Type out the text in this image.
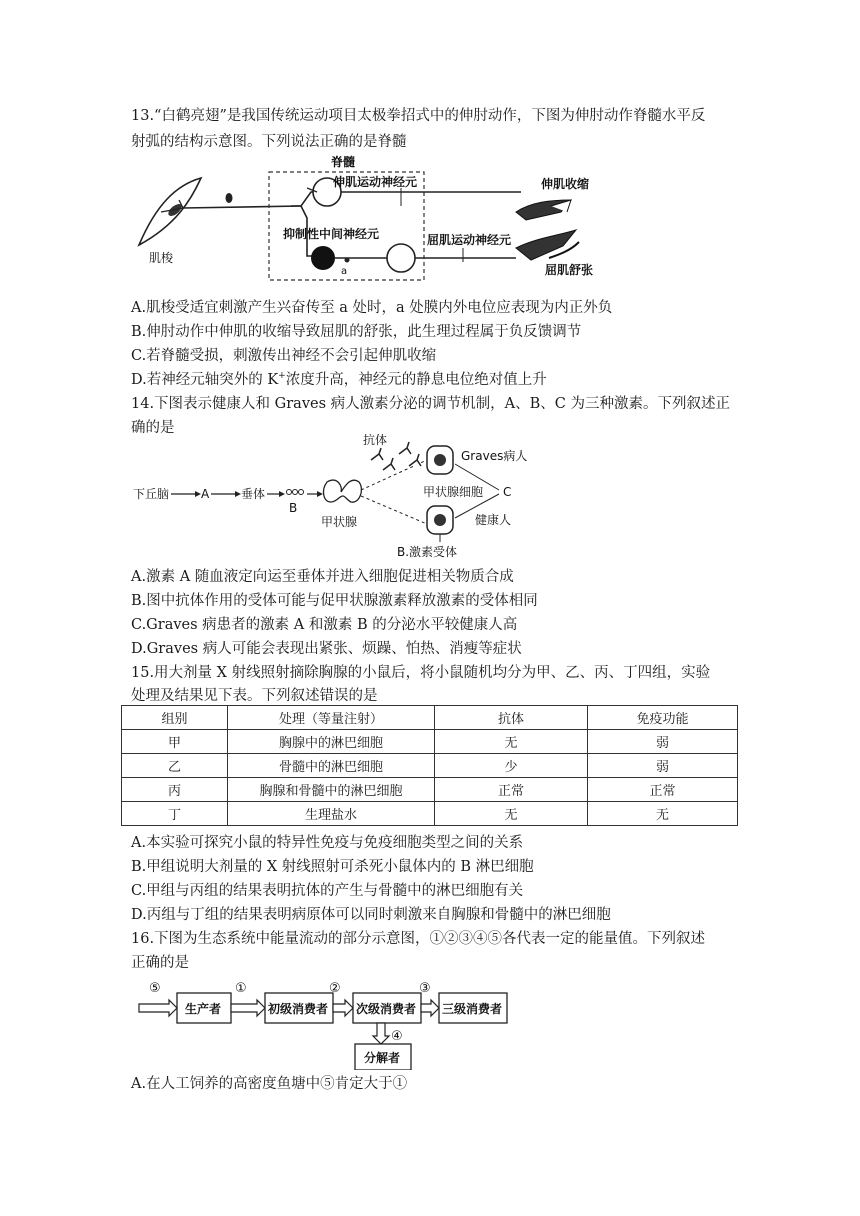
13.“白鹤亮翅”是我国传统运动项目太极拳招式中的伸肘动作，下图为伸肘动作脊髓水平反
射弧的结构示意图。下列说法正确的是脊髓
肌梭
脊髓
伸肌运动神经元
抑制性中间神经元
a
屈肌运动神经元
伸肌收缩
屈肌舒张
A.肌梭受适宜刺激产生兴奋传至 a 处时，a 处膜内外电位应表现为内正外负
B.伸肘动作中伸肌的收缩导致屈肌的舒张，此生理过程属于负反馈调节
C.若脊髓受损，刺激传出神经不会引起伸肌收缩
D.若神经元轴突外的 K+浓度升高，神经元的静息电位绝对值上升
14.下图表示健康人和 Graves 病人激素分泌的调节机制，A、B、C 为三种激素。下列叙述正
确的是
下丘脑	A	垂体
B
甲状腺
抗体
Graves病人
甲状腺细胞 C
健康人
B.激素受体
A.激素 A 随血液定向运至垂体并进入细胞促进相关物质合成
B.图中抗体作用的受体可能与促甲状腺激素释放激素的受体相同
C.Graves 病患者的激素 A 和激素 B 的分泌水平较健康人高
D.Graves 病人可能会表现出紧张、烦躁、怕热、消瘦等症状
15.用大剂量 X 射线照射摘除胸腺的小鼠后，将小鼠随机均分为甲、乙、丙、丁四组，实验
处理及结果见下表。下列叙述错误的是
组别	处理（等量注射）	抗体	免疫功能
甲	胸腺中的淋巴细胞	无	弱
乙	骨髓中的淋巴细胞	少	弱
丙	胸腺和骨髓中的淋巴细胞	正常	正常
丁	生理盐水	无	无
A.本实验可探究小鼠的特异性免疫与免疫细胞类型之间的关系
B.甲组说明大剂量的 X 射线照射可杀死小鼠体内的 B 淋巴细胞
C.甲组与丙组的结果表明抗体的产生与骨髓中的淋巴细胞有关
D.丙组与丁组的结果表明病原体可以同时刺激来自胸腺和骨髓中的淋巴细胞
16.下图为生态系统中能量流动的部分示意图，①②③④⑤各代表一定的能量值。下列叙述
正确的是
⑤
生产者
①
初级消费者
②
次级消费者
③
三级消费者
④
分解者
A.在人工饲养的高密度鱼塘中⑤肯定大于①
